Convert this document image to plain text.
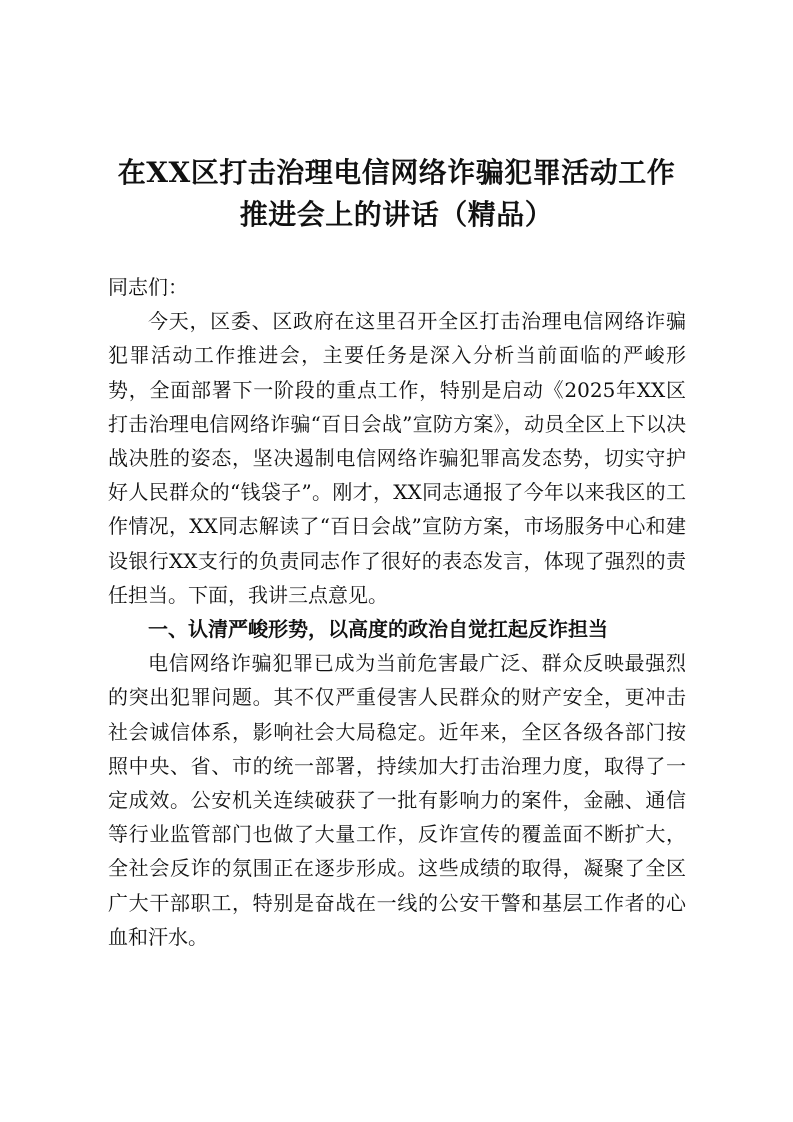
在XX区打击治理电信网络诈骗犯罪活动工作
推进会上的讲话（精品）

同志们：

今天，区委、区政府在这里召开全区打击治理电信网络诈骗犯罪活动工作推进会，主要任务是深入分析当前面临的严峻形势，全面部署下一阶段的重点工作，特别是启动《2025年XX区打击治理电信网络诈骗“百日会战”宣防方案》，动员全区上下以决战决胜的姿态，坚决遏制电信网络诈骗犯罪高发态势，切实守护好人民群众的“钱袋子”。刚才，XX同志通报了今年以来我区的工作情况，XX同志解读了“百日会战”宣防方案，市场服务中心和建设银行XX支行的负责同志作了很好的表态发言，体现了强烈的责任担当。下面，我讲三点意见。

一、认清严峻形势，以高度的政治自觉扛起反诈担当

电信网络诈骗犯罪已成为当前危害最广泛、群众反映最强烈的突出犯罪问题。其不仅严重侵害人民群众的财产安全，更冲击社会诚信体系，影响社会大局稳定。近年来，全区各级各部门按照中央、省、市的统一部署，持续加大打击治理力度，取得了一定成效。公安机关连续破获了一批有影响力的案件，金融、通信等行业监管部门也做了大量工作，反诈宣传的覆盖面不断扩大，全社会反诈的氛围正在逐步形成。这些成绩的取得，凝聚了全区广大干部职工，特别是奋战在一线的公安干警和基层工作者的心血和汗水。
